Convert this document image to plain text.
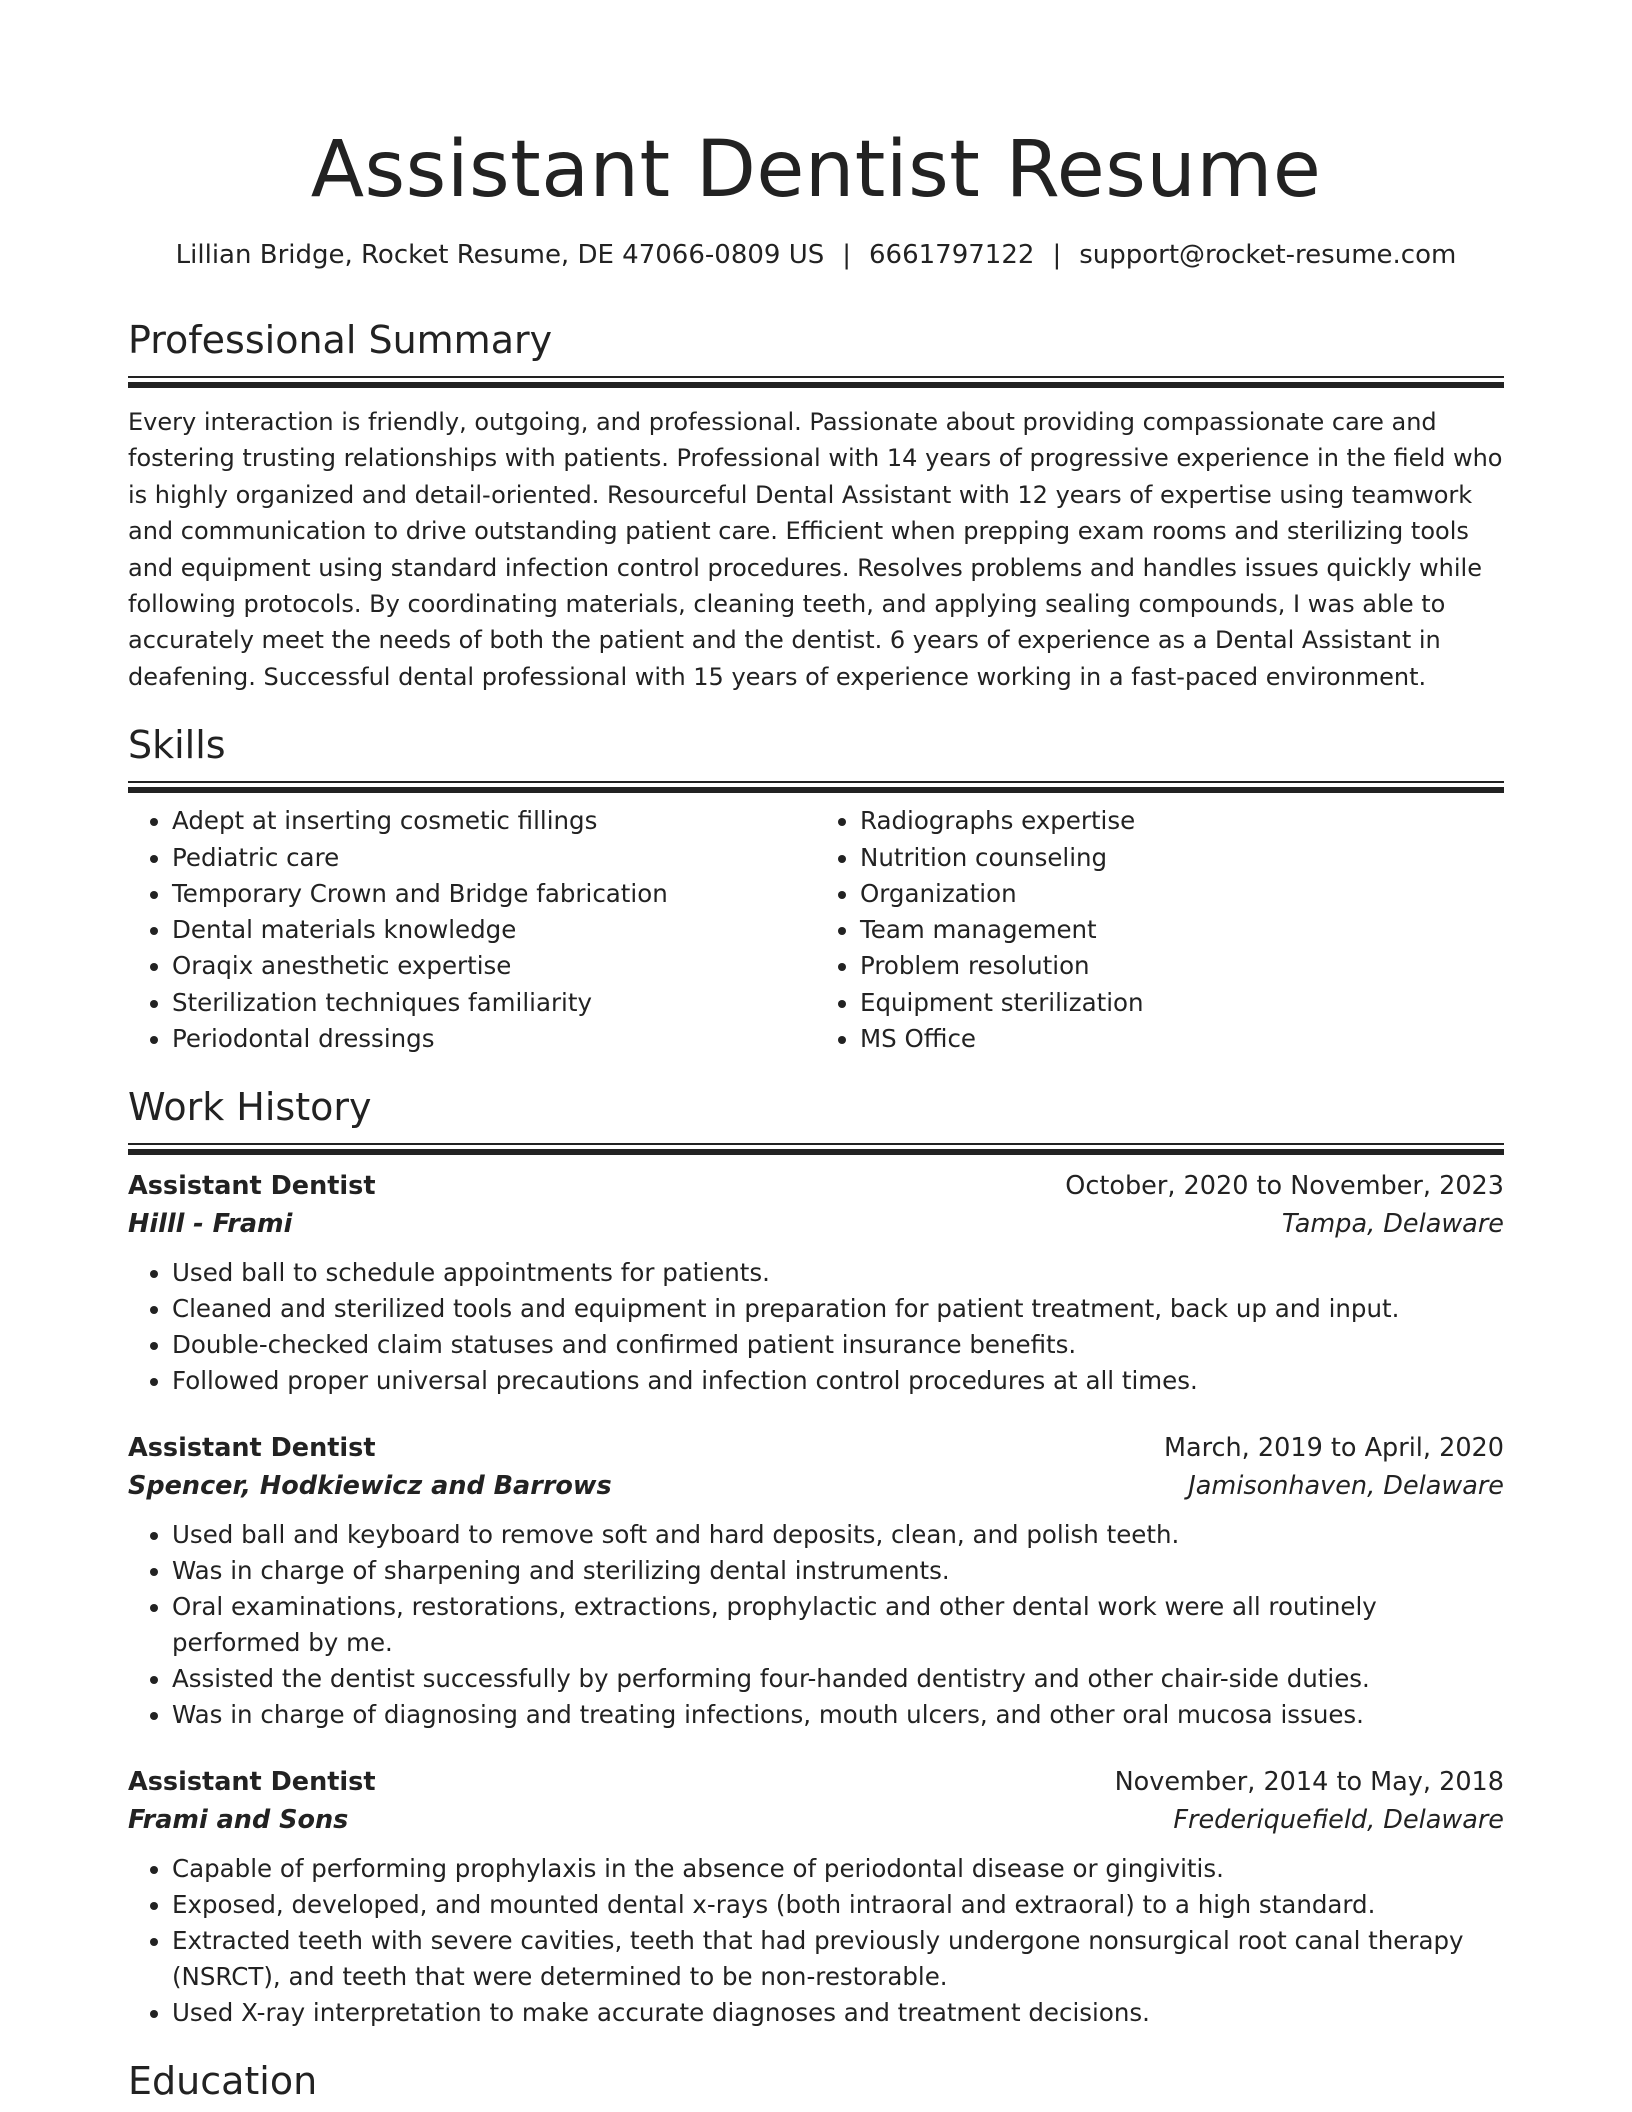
Assistant Dentist Resume
Lillian Bridge, Rocket Resume, DE 47066-0809 US | 6661797122 | support@rocket-resume.com
Professional Summary

Every interaction is friendly, outgoing, and professional. Passionate about providing compassionate care and fostering trusting relationships with patients. Professional with 14 years of progressive experience in the field who is highly organized and detail-oriented. Resourceful Dental Assistant with 12 years of expertise using teamwork and communication to drive outstanding patient care. Efficient when prepping exam rooms and sterilizing tools and equipment using standard infection control procedures. Resolves problems and handles issues quickly while following protocols. By coordinating materials, cleaning teeth, and applying sealing compounds, I was able to accurately meet the needs of both the patient and the dentist. 6 years of experience as a Dental Assistant in deafening. Successful dental professional with 15 years of experience working in a fast-paced environment.

Skills
• Adept at inserting cosmetic fillings
• Pediatric care
• Temporary Crown and Bridge fabrication
• Dental materials knowledge
• Oraqix anesthetic expertise
• Sterilization techniques familiarity
• Periodontal dressings
• Radiographs expertise
• Nutrition counseling
• Organization
• Team management
• Problem resolution
• Equipment sterilization
• MS Office
Work History
Assistant Dentist	October, 2020 to November, 2023
Hilll - Frami	Tampa, Delaware
• Used ball to schedule appointments for patients.
• Cleaned and sterilized tools and equipment in preparation for patient treatment, back up and input.
• Double-checked claim statuses and confirmed patient insurance benefits.
• Followed proper universal precautions and infection control procedures at all times.
Assistant Dentist	March, 2019 to April, 2020
Spencer, Hodkiewicz and Barrows	Jamisonhaven, Delaware
• Used ball and keyboard to remove soft and hard deposits, clean, and polish teeth.
• Was in charge of sharpening and sterilizing dental instruments.
• Oral examinations, restorations, extractions, prophylactic and other dental work were all routinely performed by me.
• Assisted the dentist successfully by performing four-handed dentistry and other chair-side duties.
• Was in charge of diagnosing and treating infections, mouth ulcers, and other oral mucosa issues.
Assistant Dentist	November, 2014 to May, 2018
Frami and Sons	Frederiquefield, Delaware
• Capable of performing prophylaxis in the absence of periodontal disease or gingivitis.
• Exposed, developed, and mounted dental x-rays (both intraoral and extraoral) to a high standard.
• Extracted teeth with severe cavities, teeth that had previously undergone nonsurgical root canal therapy (NSRCT), and teeth that were determined to be non-restorable.
• Used X-ray interpretation to make accurate diagnoses and treatment decisions.
Education
